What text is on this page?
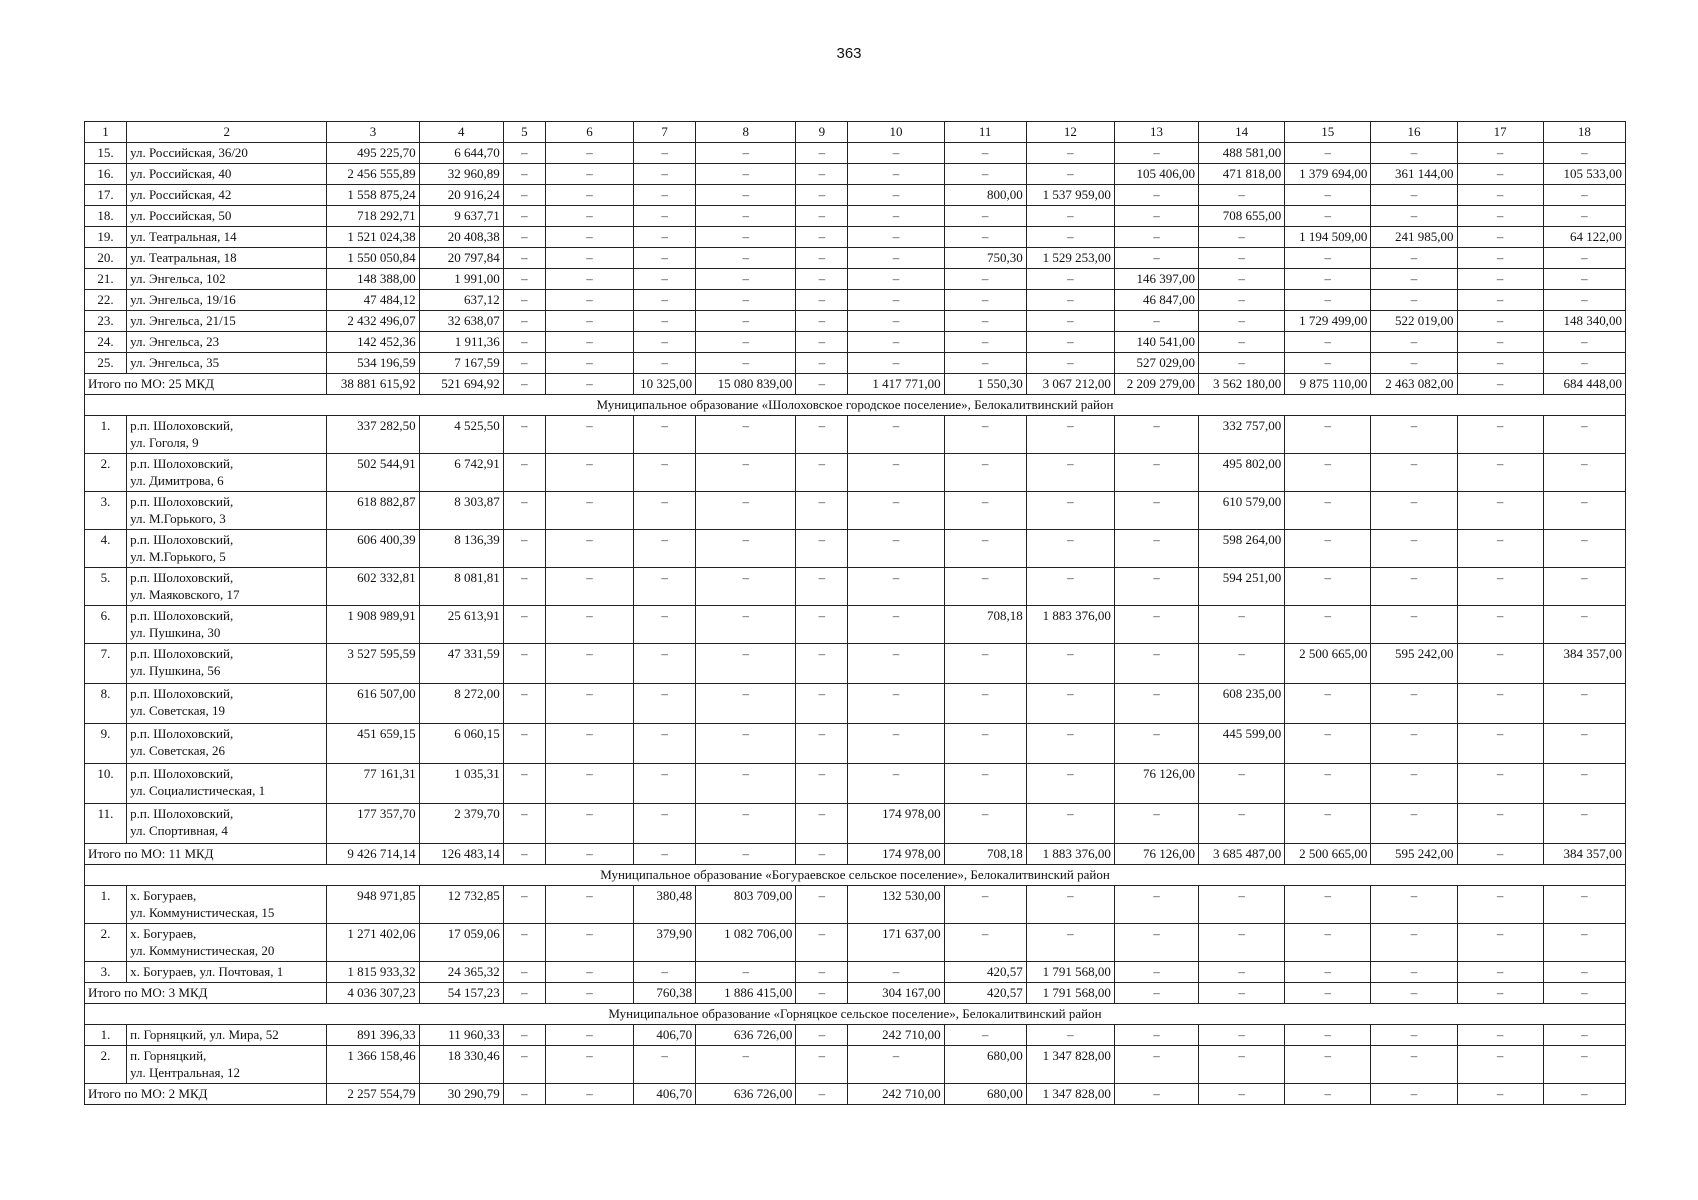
363
1	2	3	4	5	6	7	8	9	10	11	12	13	14	15	16	17	18
15.	ул. Российская, 36/20	495 225,70	6 644,70	–	–	–	–	–	–	–	–	–	488 581,00	–	–	–	–
16.	ул. Российская, 40	2 456 555,89	32 960,89	–	–	–	–	–	–	–	–	105 406,00	471 818,00	1 379 694,00	361 144,00	–	105 533,00
17.	ул. Российская, 42	1 558 875,24	20 916,24	–	–	–	–	–	–	800,00	1 537 959,00	–	–	–	–	–	–
18.	ул. Российская, 50	718 292,71	9 637,71	–	–	–	–	–	–	–	–	–	708 655,00	–	–	–	–
19.	ул. Театральная, 14	1 521 024,38	20 408,38	–	–	–	–	–	–	–	–	–	–	1 194 509,00	241 985,00	–	64 122,00
20.	ул. Театральная, 18	1 550 050,84	20 797,84	–	–	–	–	–	–	750,30	1 529 253,00	–	–	–	–	–	–
21.	ул. Энгельса, 102	148 388,00	1 991,00	–	–	–	–	–	–	–	–	146 397,00	–	–	–	–	–
22.	ул. Энгельса, 19/16	47 484,12	637,12	–	–	–	–	–	–	–	–	46 847,00	–	–	–	–	–
23.	ул. Энгельса, 21/15	2 432 496,07	32 638,07	–	–	–	–	–	–	–	–	–	–	1 729 499,00	522 019,00	–	148 340,00
24.	ул. Энгельса, 23	142 452,36	1 911,36	–	–	–	–	–	–	–	–	140 541,00	–	–	–	–	–
25.	ул. Энгельса, 35	534 196,59	7 167,59	–	–	–	–	–	–	–	–	527 029,00	–	–	–	–	–
Итого по МО: 25 МКД		38 881 615,92	521 694,92	–	–	10 325,00	15 080 839,00	–	1 417 771,00	1 550,30	3 067 212,00	2 209 279,00	3 562 180,00	9 875 110,00	2 463 082,00	–	684 448,00
Муниципальное образование «Шолоховское городское поселение», Белокалитвинский район																	
1.	р.п. Шолоховский,
ул. Гоголя, 9	337 282,50	4 525,50	–	–	–	–	–	–	–	–	–	332 757,00	–	–	–	–
2.	р.п. Шолоховский,
ул. Димитрова, 6	502 544,91	6 742,91	–	–	–	–	–	–	–	–	–	495 802,00	–	–	–	–
3.	р.п. Шолоховский,
ул. М.Горького, 3	618 882,87	8 303,87	–	–	–	–	–	–	–	–	–	610 579,00	–	–	–	–
4.	р.п. Шолоховский,
ул. М.Горького, 5	606 400,39	8 136,39	–	–	–	–	–	–	–	–	–	598 264,00	–	–	–	–
5.	р.п. Шолоховский,
ул. Маяковского, 17	602 332,81	8 081,81	–	–	–	–	–	–	–	–	–	594 251,00	–	–	–	–
6.	р.п. Шолоховский,
ул. Пушкина, 30	1 908 989,91	25 613,91	–	–	–	–	–	–	708,18	1 883 376,00	–	–	–	–	–	–
7.	р.п. Шолоховский,
ул. Пушкина, 56	3 527 595,59	47 331,59	–	–	–	–	–	–	–	–	–	–	2 500 665,00	595 242,00	–	384 357,00
8.	р.п. Шолоховский,
ул. Советская, 19	616 507,00	8 272,00	–	–	–	–	–	–	–	–	–	608 235,00	–	–	–	–
9.	р.п. Шолоховский,
ул. Советская, 26	451 659,15	6 060,15	–	–	–	–	–	–	–	–	–	445 599,00	–	–	–	–
10.	р.п. Шолоховский,
ул. Социалистическая, 1	77 161,31	1 035,31	–	–	–	–	–	–	–	–	76 126,00	–	–	–	–	–
11.	р.п. Шолоховский,
ул. Спортивная, 4	177 357,70	2 379,70	–	–	–	–	–	174 978,00	–	–	–	–	–	–	–	–
Итого по МО: 11 МКД		9 426 714,14	126 483,14	–	–	–	–	–	174 978,00	708,18	1 883 376,00	76 126,00	3 685 487,00	2 500 665,00	595 242,00	–	384 357,00
Муниципальное образование «Богураевское сельское поселение», Белокалитвинский район																	
1.	х. Богураев,
ул. Коммунистическая, 15	948 971,85	12 732,85	–	–	380,48	803 709,00	–	132 530,00	–	–	–	–	–	–	–	–
2.	х. Богураев,
ул. Коммунистическая, 20	1 271 402,06	17 059,06	–	–	379,90	1 082 706,00	–	171 637,00	–	–	–	–	–	–	–	–
3.	х. Богураев, ул. Почтовая, 1	1 815 933,32	24 365,32	–	–	–	–	–	–	420,57	1 791 568,00	–	–	–	–	–	–
Итого по МО: 3 МКД		4 036 307,23	54 157,23	–	–	760,38	1 886 415,00	–	304 167,00	420,57	1 791 568,00	–	–	–	–	–	–
Муниципальное образование «Горняцкое сельское поселение», Белокалитвинский район																	
1.	п. Горняцкий, ул. Мира, 52	891 396,33	11 960,33	–	–	406,70	636 726,00	–	242 710,00	–	–	–	–	–	–	–	–
2.	п. Горняцкий,
ул. Центральная, 12	1 366 158,46	18 330,46	–	–	–	–	–	–	680,00	1 347 828,00	–	–	–	–	–	–
Итого по МО: 2 МКД		2 257 554,79	30 290,79	–	–	406,70	636 726,00	–	242 710,00	680,00	1 347 828,00	–	–	–	–	–	–
